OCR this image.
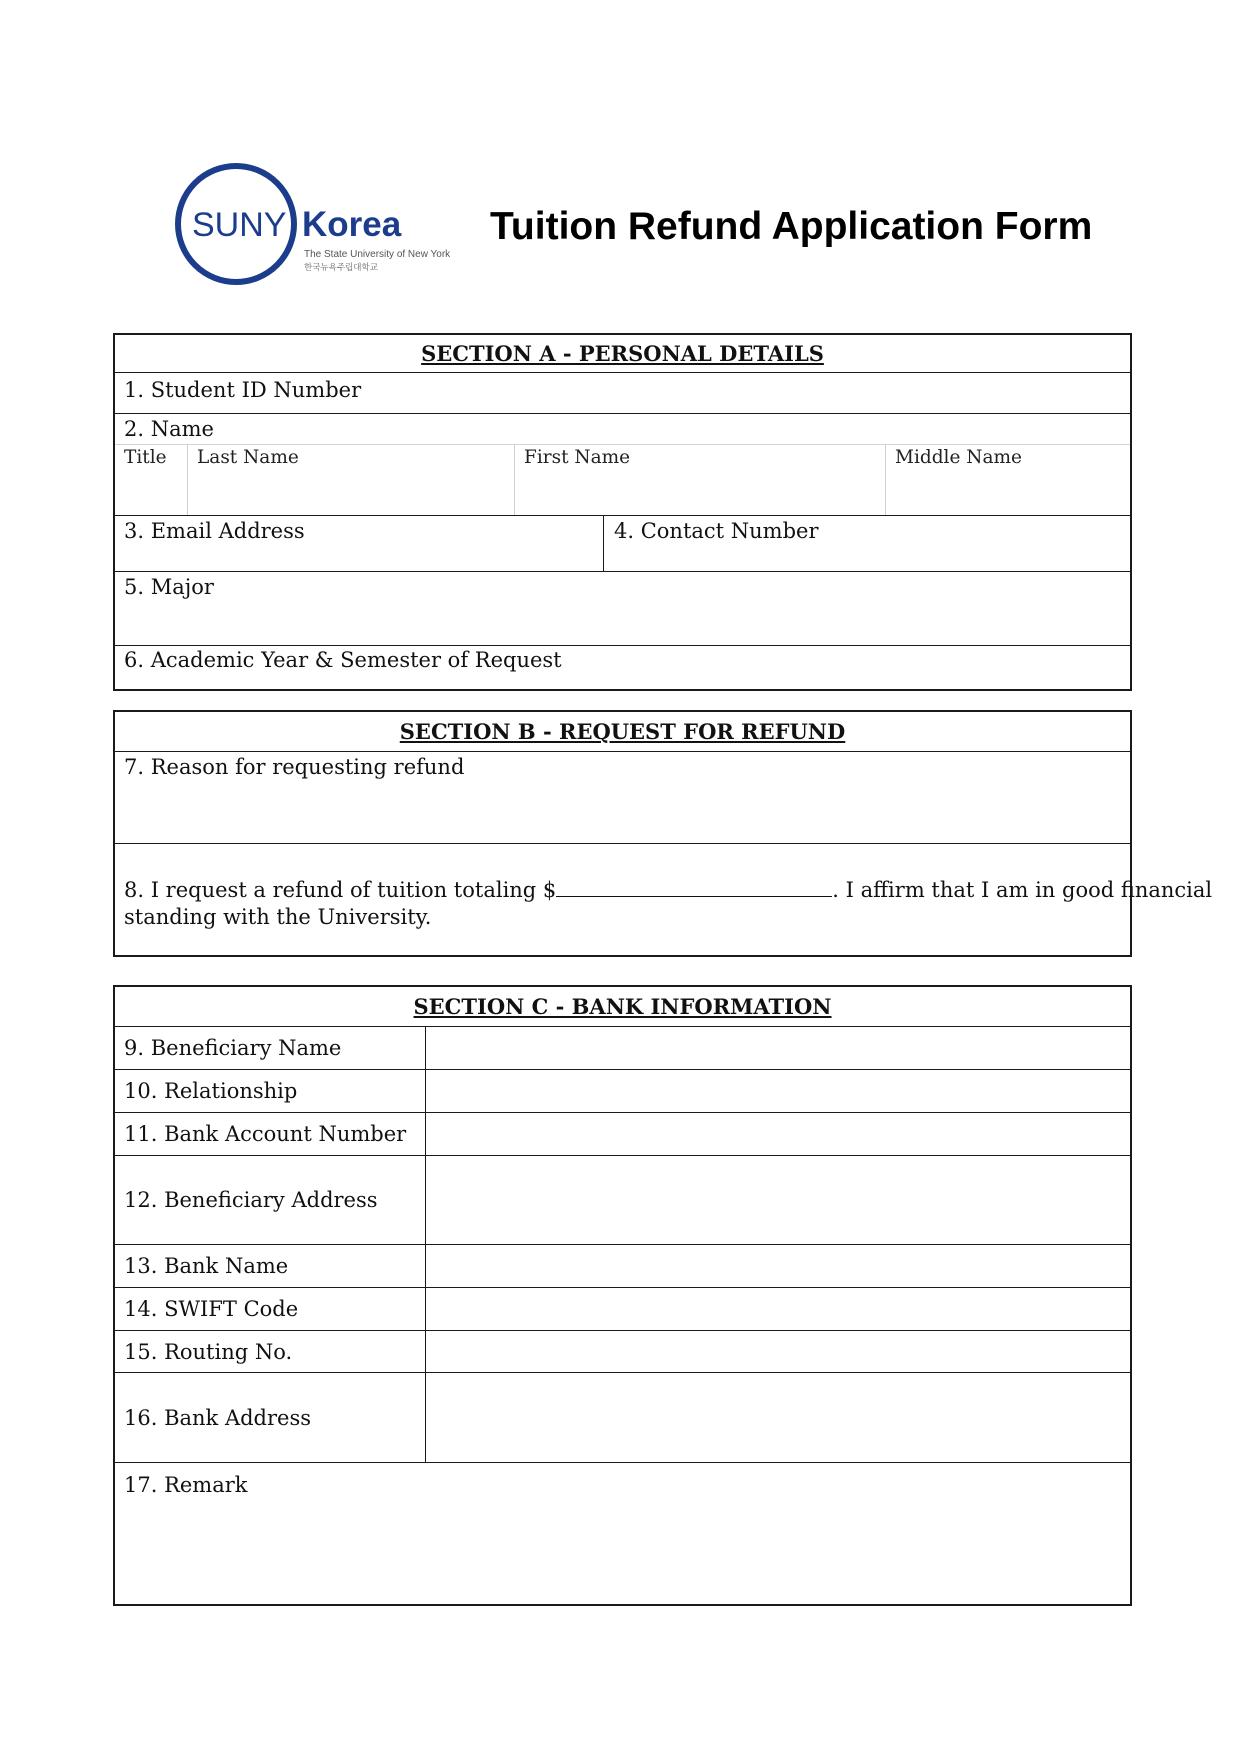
SUNY Korea
The State University of New York
한국뉴욕주립대학교
Tuition Refund Application Form
SECTION A - PERSONAL DETAILS
1. Student ID Number
2. Name
Title	Last Name	First Name	Middle Name
3. Email Address	4. Contact Number
5. Major
6. Academic Year & Semester of Request
SECTION B - REQUEST FOR REFUND
7. Reason for requesting refund
8. I request a refund of tuition totaling $	. I affirm that I am in good financial
standing with the University.
SECTION C - BANK INFORMATION
9. Beneficiary Name
10. Relationship
11. Bank Account Number
12. Beneficiary Address
13. Bank Name
14. SWIFT Code
15. Routing No.
16. Bank Address
17. Remark
